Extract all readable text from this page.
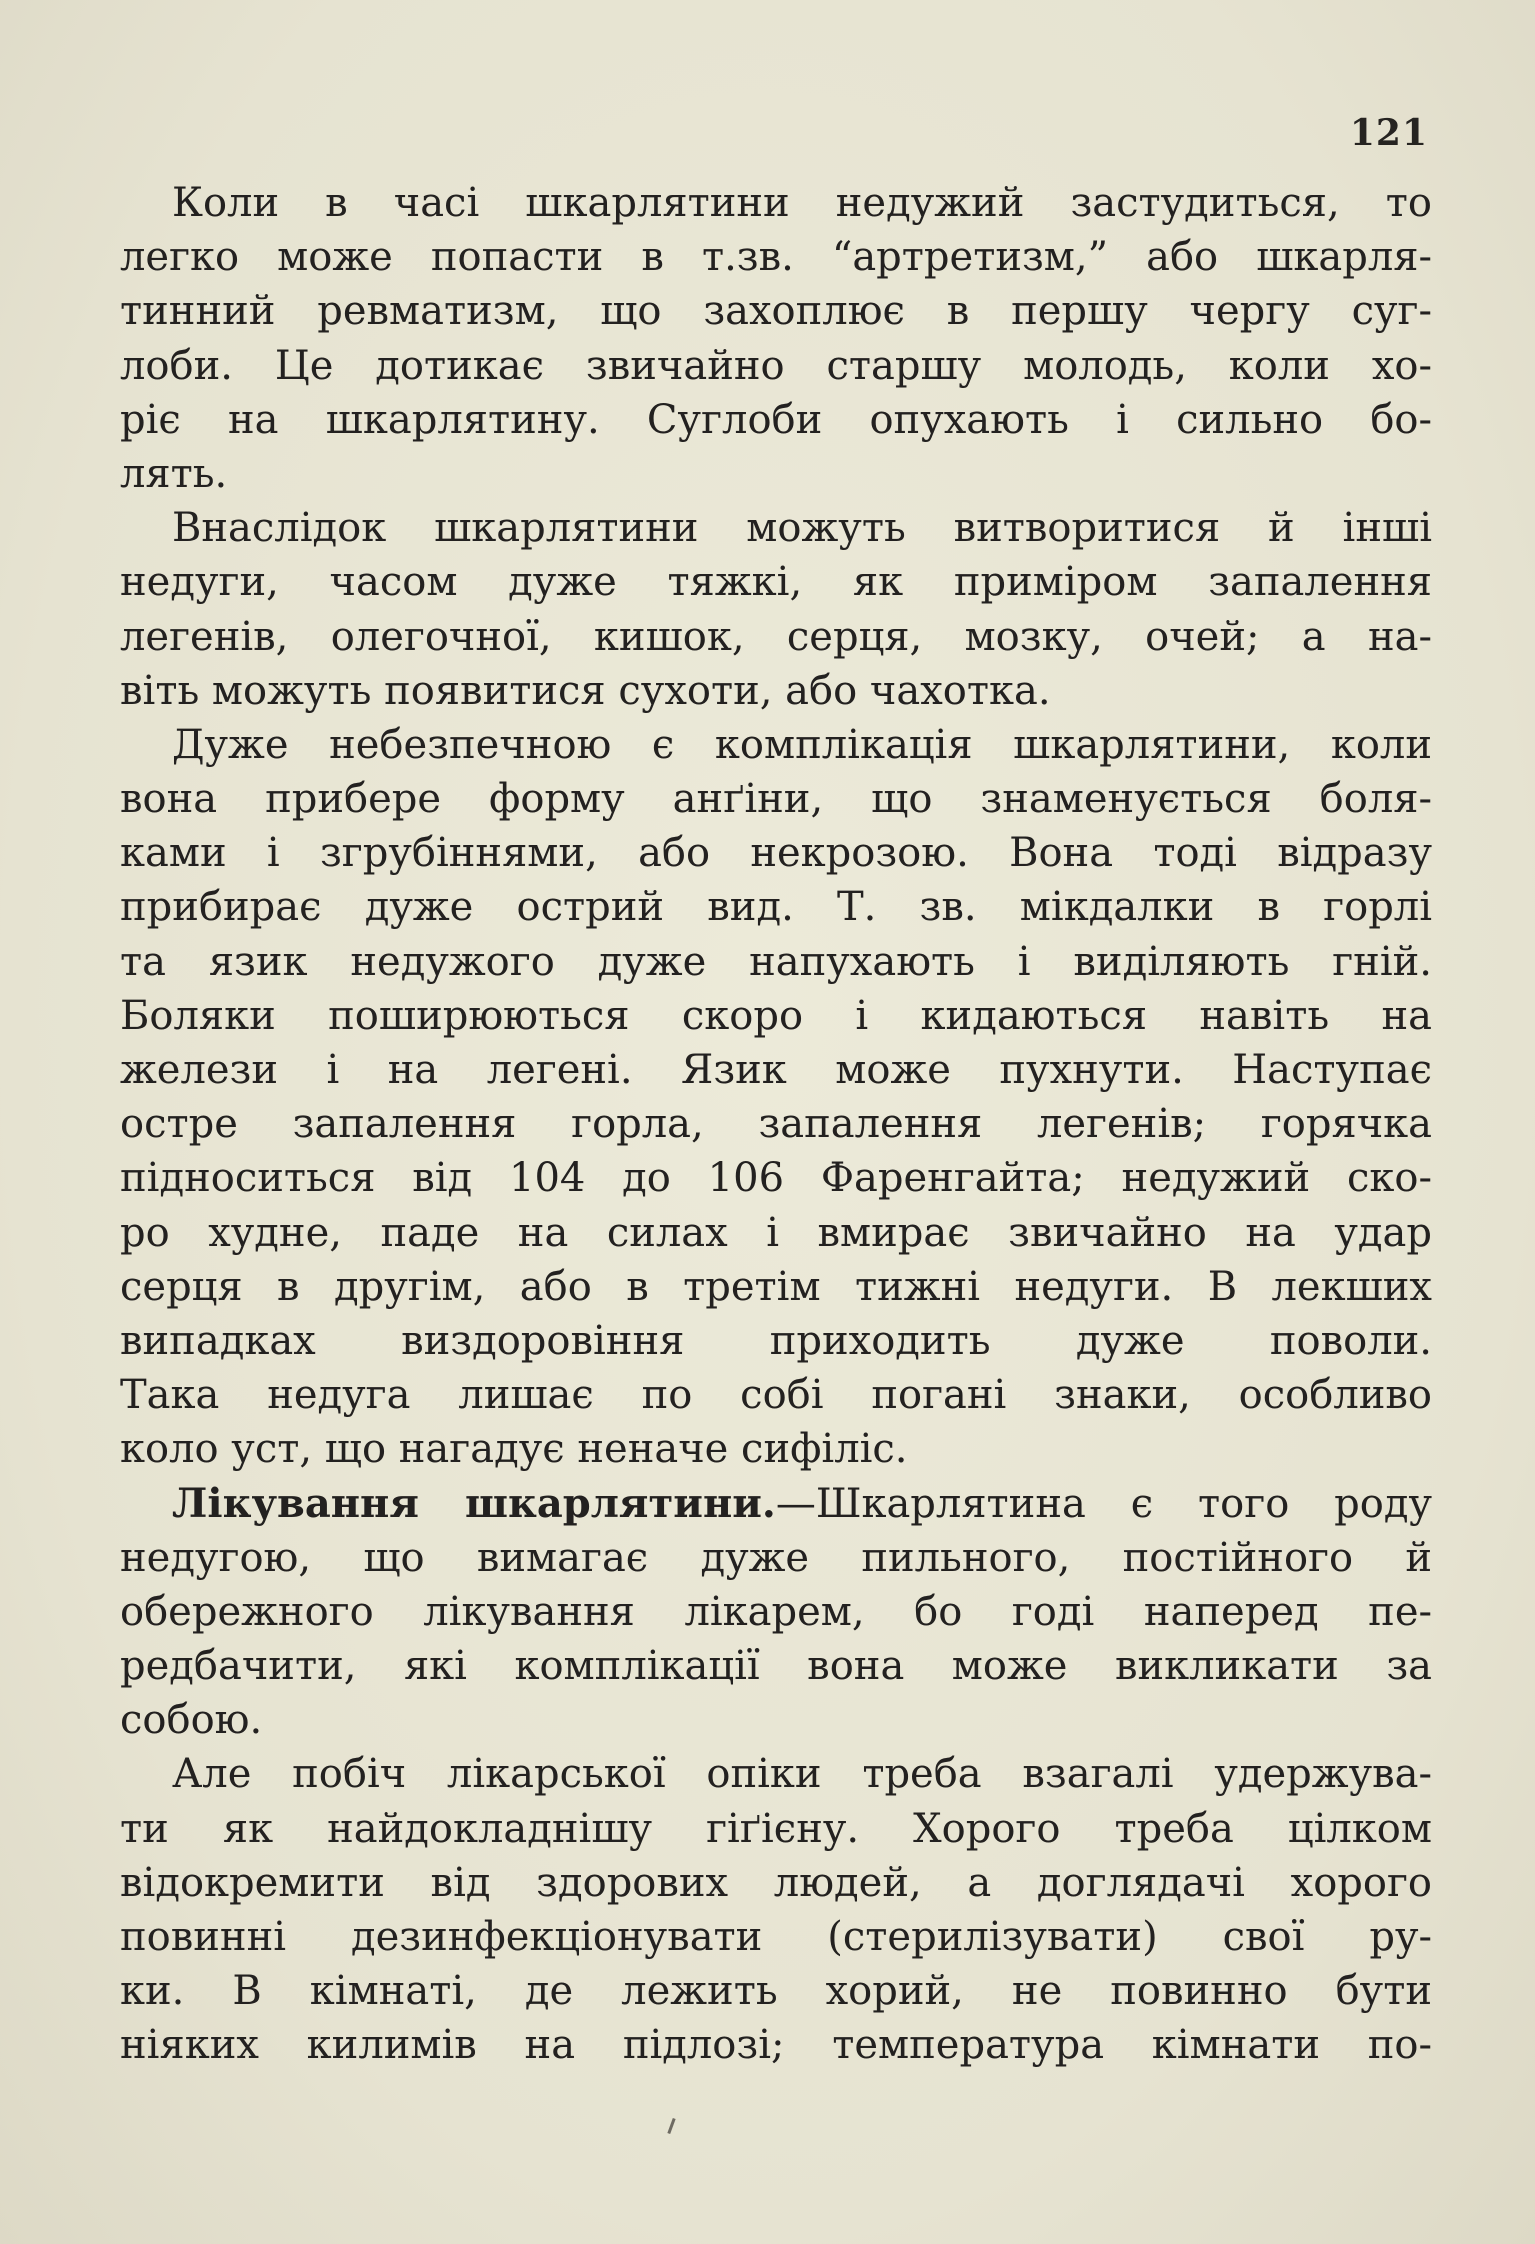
121
Коли в часі шкарлятини недужий застудиться, то
легко може попасти в т.зв. “артретизм,” або шкарля-
тинний ревматизм, що захоплює в першу чергу суг-
лоби. Це дотикає звичайно старшу молодь, коли хо-
ріє на шкарлятину. Суглоби опухають і сильно бо-
лять.
Внаслідок шкарлятини можуть витворитися й інші
недуги, часом дуже тяжкі, як приміром запалення
легенів, олегочної, кишок, серця, мозку, очей; а на-
віть можуть появитися сухоти, або чахотка.
Дуже небезпечною є комплікація шкарлятини, коли
вона прибере форму анґіни, що знаменується боля-
ками і згрубіннями, або некрозою. Вона тоді відразу
прибирає дуже острий вид. Т. зв. мікдалки в горлі
та язик недужого дуже напухають і виділяють гній.
Боляки поширюються скоро і кидаються навіть на
желези і на легені. Язик може пухнути. Наступає
остре запалення горла, запалення легенів; горячка
підноситься від 104 до 106 Фаренгайта; недужий ско-
ро худне, паде на силах і вмирає звичайно на удар
серця в другім, або в третім тижні недуги. В лекших
випадках виздоровіння приходить дуже поволи.
Така недуга лишає по собі погані знаки, особливо
коло уст, що нагадує неначе сифіліс.
Лікування шкарлятини.—Шкарлятина є того роду
недугою, що вимагає дуже пильного, постійного й
обережного лікування лікарем, бо годі наперед пе-
редбачити, які комплікації вона може викликати за
собою.
Але побіч лікарської опіки треба взагалі удержува-
ти як найдокладнішу гіґієну. Хорого треба цілком
відокремити від здорових людей, а доглядачі хорого
повинні дезинфекціонувати (стерилізувати) свої ру-
ки. В кімнаті, де лежить хорий, не повинно бути
ніяких килимів на підлозі; температура кімнати по-
